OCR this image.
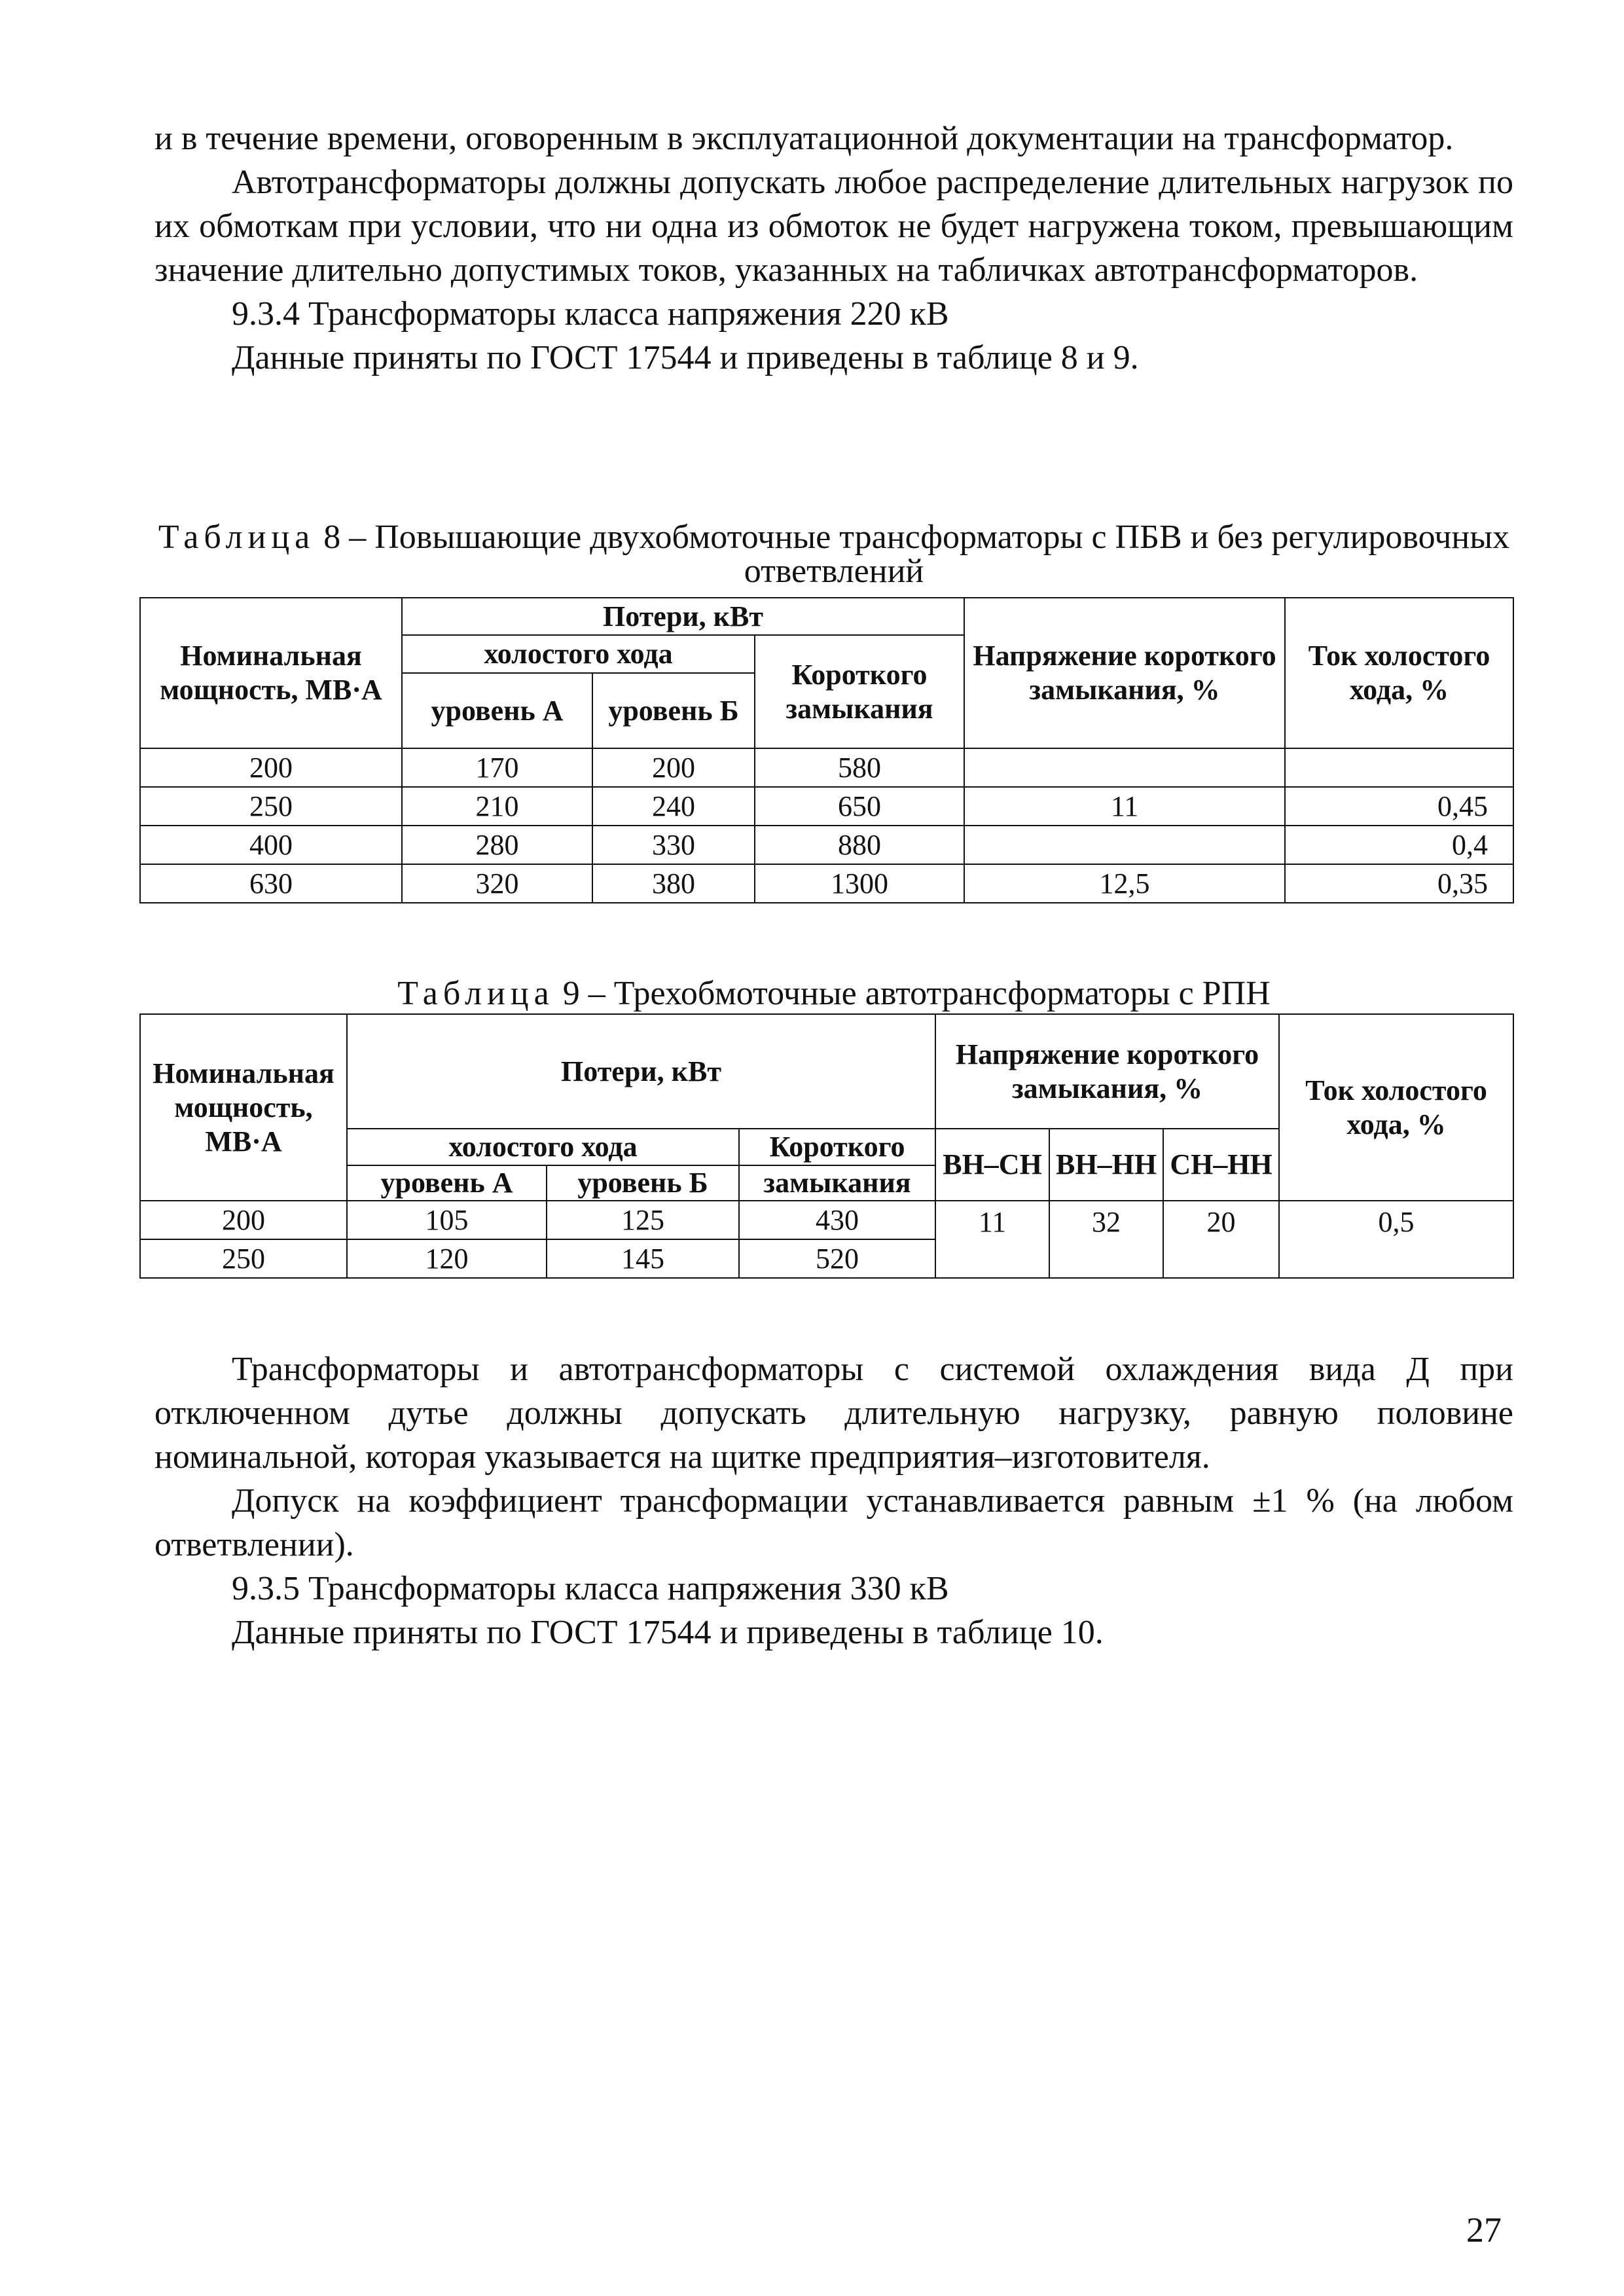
и в течение времени, оговоренным в эксплуатационной документации на трансформатор.

Автотрансформаторы должны допускать любое распределение длительных нагрузок по их обмоткам при условии, что ни одна из обмоток не будет нагружена током, превышающим значение длительно допустимых токов, указанных на табличках автотрансформаторов.

9.3.4 Трансформаторы класса напряжения 220 кВ

Данные приняты по ГОСТ 17544 и приведены в таблице 8 и 9.

Таблица 8 – Повышающие двухобмоточные трансформаторы с ПБВ и без регулировочных ответвлений
Номинальная мощность, МВ·А	Потери, кВт			Напряжение короткого замыкания, %	Ток холостого хода, %
	холостого хода		Короткого замыкания		
	уровень А	уровень Б			
200	170	200	580		
250	210	240	650	11	0,45
400	280	330	880		0,4
630	320	380	1300	12,5	0,35
Таблица 9 – Трехобмоточные автотрансформаторы с РПН
Номинальная мощность, МВ·А	Потери, кВт			Напряжение короткого замыкания, %			Ток холостого хода, %
	холостого хода		Короткого	ВН–СН	ВН–НН	СН–НН	
	уровень А	уровень Б	замыкания				
200	105	125	430	11	32	20	0,5
250	120	145	520				

Трансформаторы и автотрансформаторы с системой охлаждения вида Д при отключенном дутье должны допускать длительную нагрузку, равную половине номинальной, которая указывается на щитке предприятия–изготовителя.

Допуск на коэффициент трансформации устанавливается равным ±1 % (на любом ответвлении).

9.3.5 Трансформаторы класса напряжения 330 кВ

Данные приняты по ГОСТ 17544 и приведены в таблице 10.

27
